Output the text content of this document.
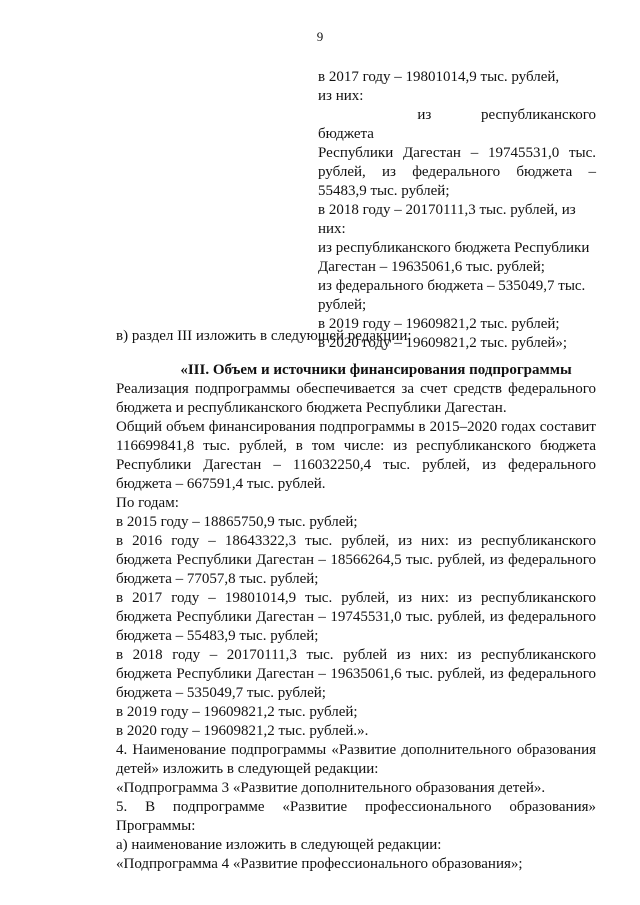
9

в 2017 году – 19801014,9 тыс. рублей,

из них:

из республиканского бюджета

Республики Дагестан – 19745531,0 тыс.

рублей, из федерального бюджета –

55483,9 тыс. рублей;

в 2018 году – 20170111,3 тыс. рублей, из

них:

из республиканского бюджета Республики

Дагестан – 19635061,6 тыс. рублей;

из федерального бюджета – 535049,7 тыс.

рублей;

в 2019 году – 19609821,2 тыс. рублей;

в 2020 году – 19609821,2 тыс. рублей»;

в) раздел III изложить в следующей редакции:

«III. Объем и источники финансирования подпрограммы

Реализация подпрограммы обеспечивается за счет средств федерального бюджета и республиканского бюджета Республики Дагестан.

Общий объем финансирования подпрограммы в 2015–2020 годах составит 116699841,8 тыс. рублей, в том числе: из республиканского бюджета Республики Дагестан – 116032250,4 тыс. рублей, из федерального бюджета – 667591,4 тыс. рублей.

По годам:

в 2015 году – 18865750,9 тыс. рублей;

в 2016 году – 18643322,3 тыс. рублей, из них: из республиканского бюджета Республики Дагестан – 18566264,5 тыс. рублей, из федерального бюджета – 77057,8 тыс. рублей;

в 2017 году – 19801014,9 тыс. рублей, из них: из республиканского бюджета Республики Дагестан – 19745531,0 тыс. рублей, из федерального бюджета – 55483,9 тыс. рублей;

в 2018 году – 20170111,3 тыс. рублей из них: из республиканского бюджета Республики Дагестан – 19635061,6 тыс. рублей, из федерального бюджета – 535049,7 тыс. рублей;

в 2019 году – 19609821,2 тыс. рублей;

в 2020 году – 19609821,2 тыс. рублей.».

4. Наименование подпрограммы «Развитие дополнительного образования детей» изложить в следующей редакции:

«Подпрограмма 3 «Развитие дополнительного образования детей».

5. В подпрограмме «Развитие профессионального образования» Программы:

а) наименование изложить в следующей редакции:

«Подпрограмма 4 «Развитие профессионального образования»;
